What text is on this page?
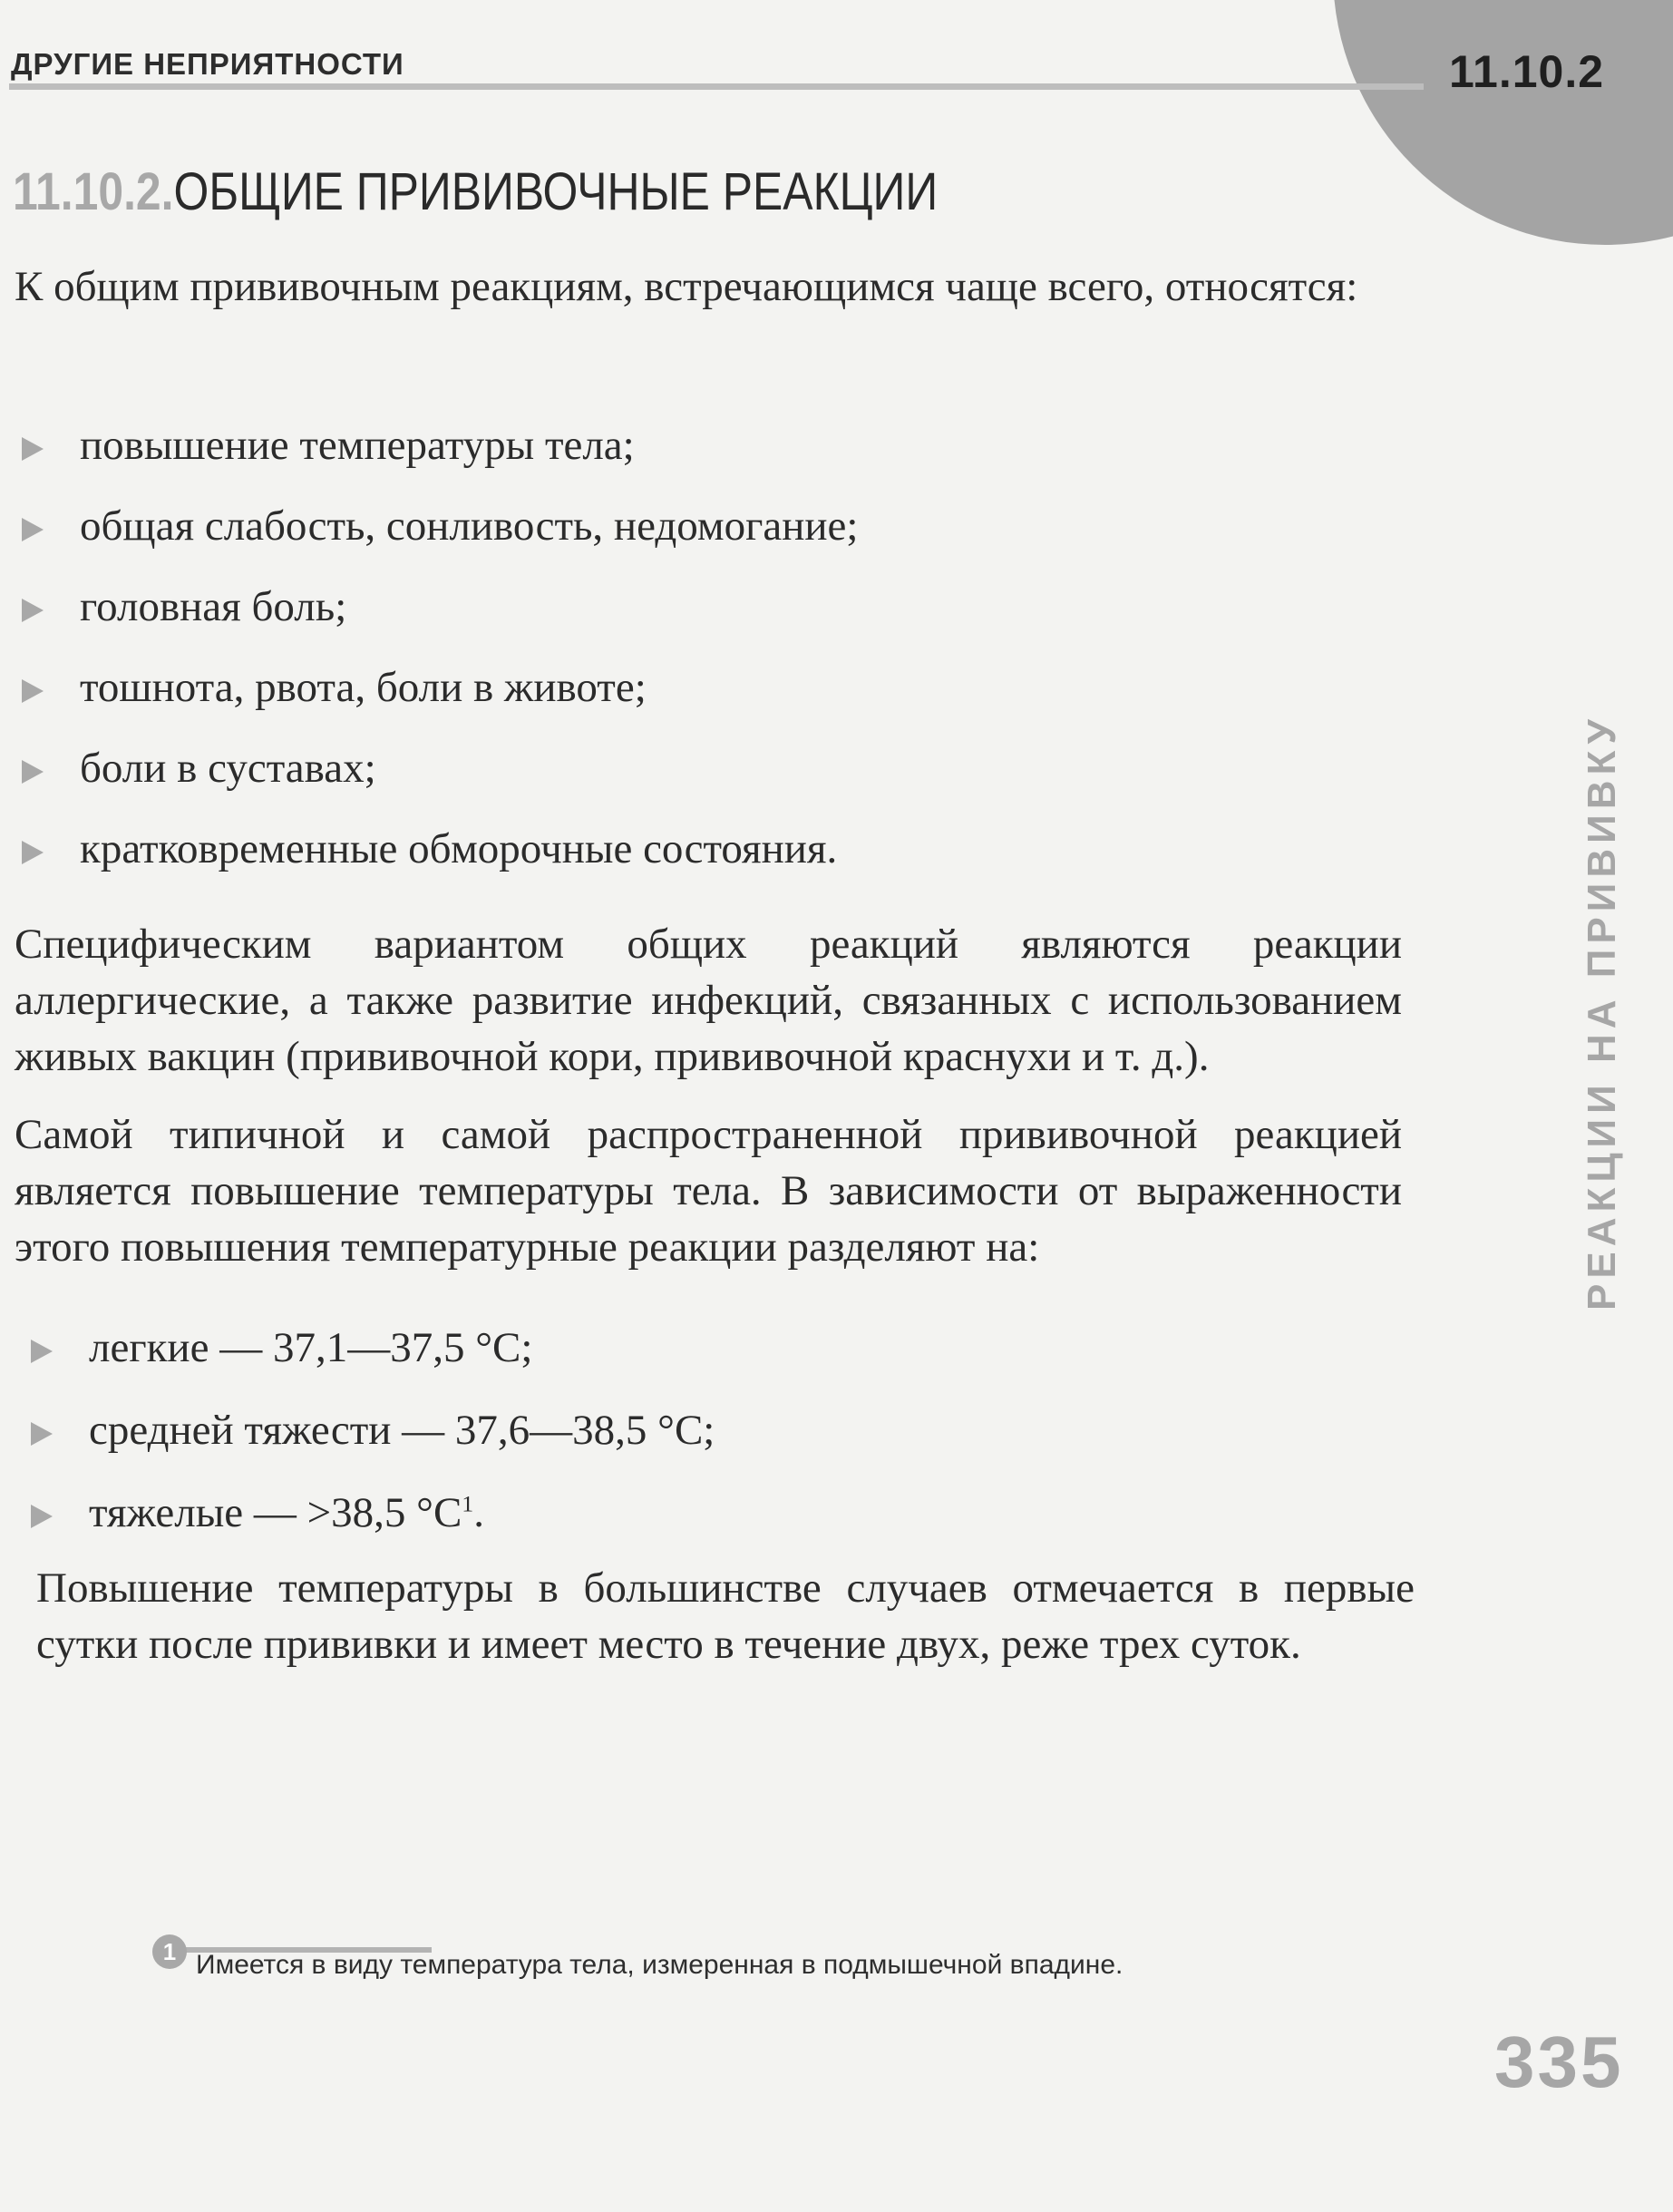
11.10.2
ДРУГИЕ НЕПРИЯТНОСТИ
11.10.2.ОБЩИЕ ПРИВИВОЧНЫЕ РЕАКЦИИ

К общим прививочным реакциям, встречающимся чаще всего, относятся:

повышение температуры тела;
общая слабость, сонливость, недомогание;
головная боль;
тошнота, рвота, боли в животе;
боли в суставах;
кратковременные обморочные состояния.

Специфическим вариантом общих реакций являются реакции аллергические, а также развитие инфекций, связанных с использованием живых вакцин (прививочной кори, прививочной краснухи и т. д.).

Самой типичной и самой распространенной прививочной реакцией является повышение температуры тела. В зависимости от выраженности этого повышения температурные реакции разделяют на:

легкие — 37,1—37,5 °С;
средней тяжести — 37,6—38,5 °С;
тяжелые — >38,5 $^\circ С^1$.

Повышение температуры в большинстве случаев отмечается в первые сутки после прививки и имеет место в течение двух, реже трех суток.

РЕАКЦИИ НА ПРИВИВКУ
1 Имеется в виду температура тела, измеренная в подмышечной впадине.
335
